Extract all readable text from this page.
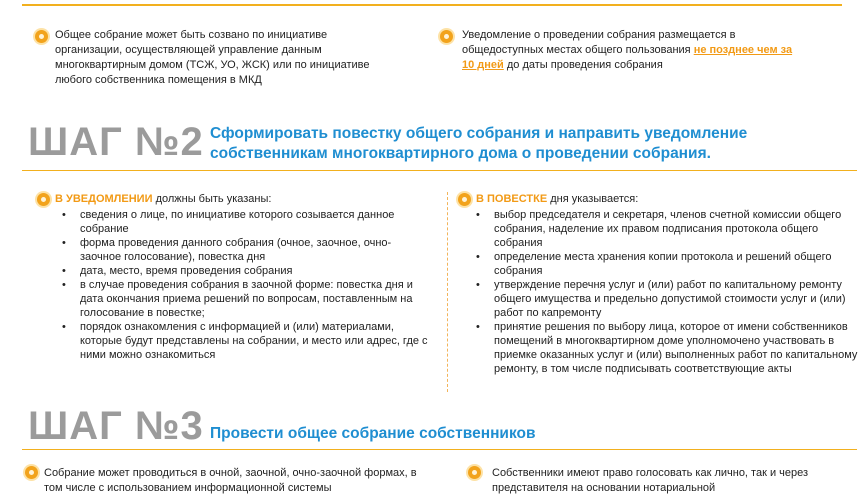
Общее собрание может быть созвано по инициативе организации, осуществляющей управление данным многоквартирным домом (ТСЖ, УО, ЖСК) или по инициативе любого собственника помещения в МКД
Уведомление о проведении собрания размещается в общедоступных местах общего пользования не позднее чем за 10 дней до даты проведения собрания
ШАГ №2 Сформировать повестку общего собрания и направить уведомление собственникам многоквартирного дома о проведении собрания.
В УВЕДОМЛЕНИИ должны быть указаны:
• сведения о лице, по инициативе которого созывается данное собрание
• форма проведения данного собрания (очное, заочное, очно-заочное голосование), повестка дня
• дата, место, время проведения собрания
• в случае проведения собрания в заочной форме: повестка дня и дата окончания приема решений по вопросам, поставленным на голосование в повестке;
• порядок ознакомления с информацией и (или) материалами, которые будут представлены на собрании, и место или адрес, где с ними можно ознакомиться
В ПОВЕСТКЕ дня указывается:
• выбор председателя и секретаря, членов счетной комиссии общего собрания, наделение их правом подписания протокола общего собрания
• определение места хранения копии протокола и решений общего собрания
• утверждение перечня услуг и (или) работ по капитальному ремонту общего имущества и предельно допустимой стоимости услуг и (или) работ по капремонту
• принятие решения по выбору лица, которое от имени собственников помещений в многоквартирном доме уполномочено участвовать в приемке оказанных услуг и (или) выполненных работ по капитальному ремонту, в том числе подписывать соответствующие акты
ШАГ №3 Провести общее собрание собственников
Собрание может проводиться в очной, заочной, очно-заочной формах, в том числе с использованием информационной системы
Собственники имеют право голосовать как лично, так и через представителя на основании нотариальной
